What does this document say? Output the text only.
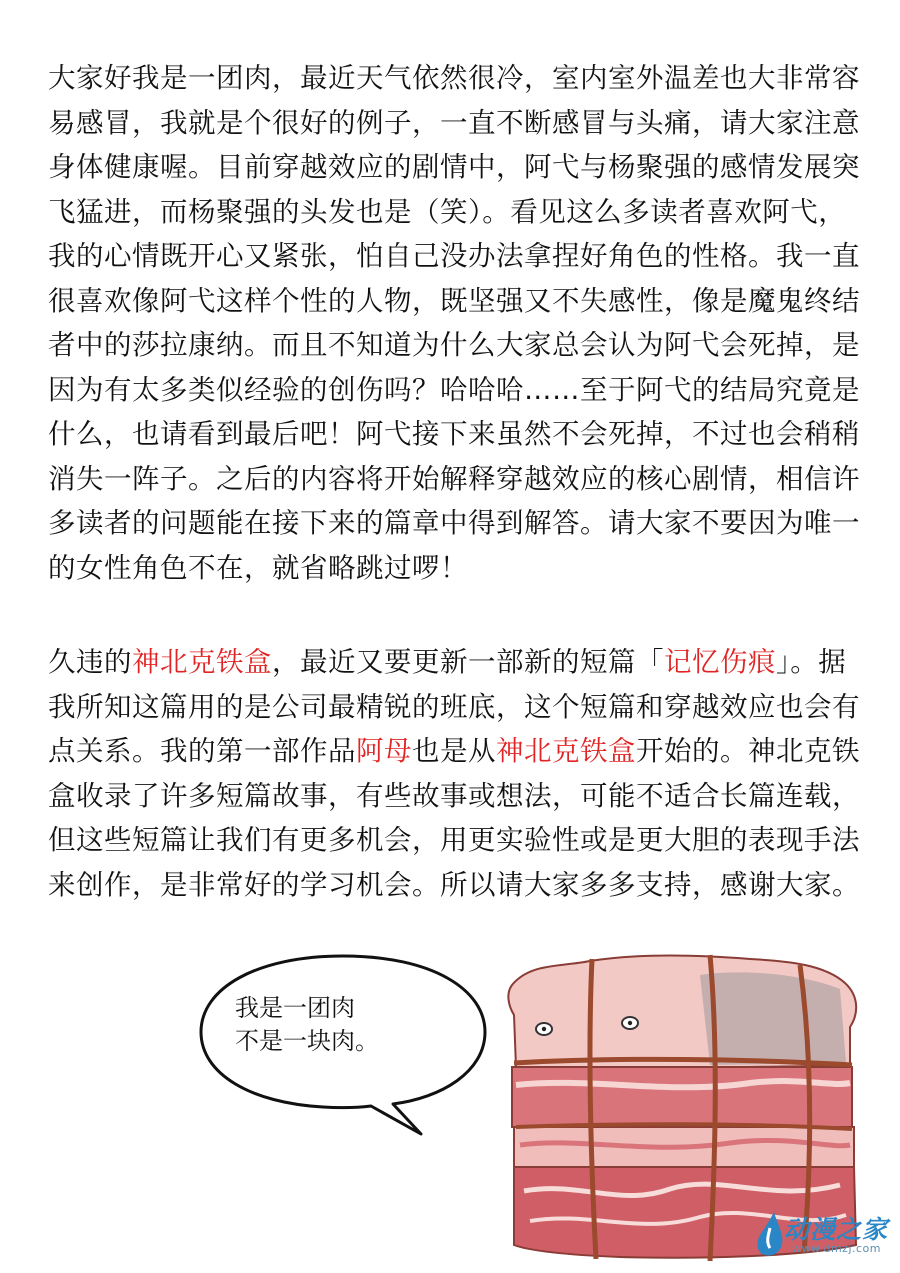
大家好我是一团肉，最近天气依然很冷，室内室外温差也大非常容
易感冒，我就是个很好的例子，一直不断感冒与头痛，请大家注意
身体健康喔。目前穿越效应的剧情中，阿弋与杨聚强的感情发展突
飞猛进，而杨聚强的头发也是（笑）。看见这么多读者喜欢阿弋，
我的心情既开心又紧张，怕自己没办法拿捏好角色的性格。我一直
很喜欢像阿弋这样个性的人物，既坚强又不失感性，像是魔鬼终结
者中的莎拉康纳。而且不知道为什么大家总会认为阿弋会死掉，是
因为有太多类似经验的创伤吗？哈哈哈……至于阿弋的结局究竟是
什么，也请看到最后吧！阿弋接下来虽然不会死掉，不过也会稍稍
消失一阵子。之后的内容将开始解释穿越效应的核心剧情，相信许
多读者的问题能在接下来的篇章中得到解答。请大家不要因为唯一
的女性角色不在，就省略跳过啰！
久违的神北克铁盒，最近又要更新一部新的短篇「记忆伤痕」。据
我所知这篇用的是公司最精锐的班底，这个短篇和穿越效应也会有
点关系。我的第一部作品阿母也是从神北克铁盒开始的。神北克铁
盒收录了许多短篇故事，有些故事或想法，可能不适合长篇连载，
但这些短篇让我们有更多机会，用更实验性或是更大胆的表现手法
来创作，是非常好的学习机会。所以请大家多多支持，感谢大家。
我是一团肉
不是一块肉。
动漫之家
www.dmzj.com
